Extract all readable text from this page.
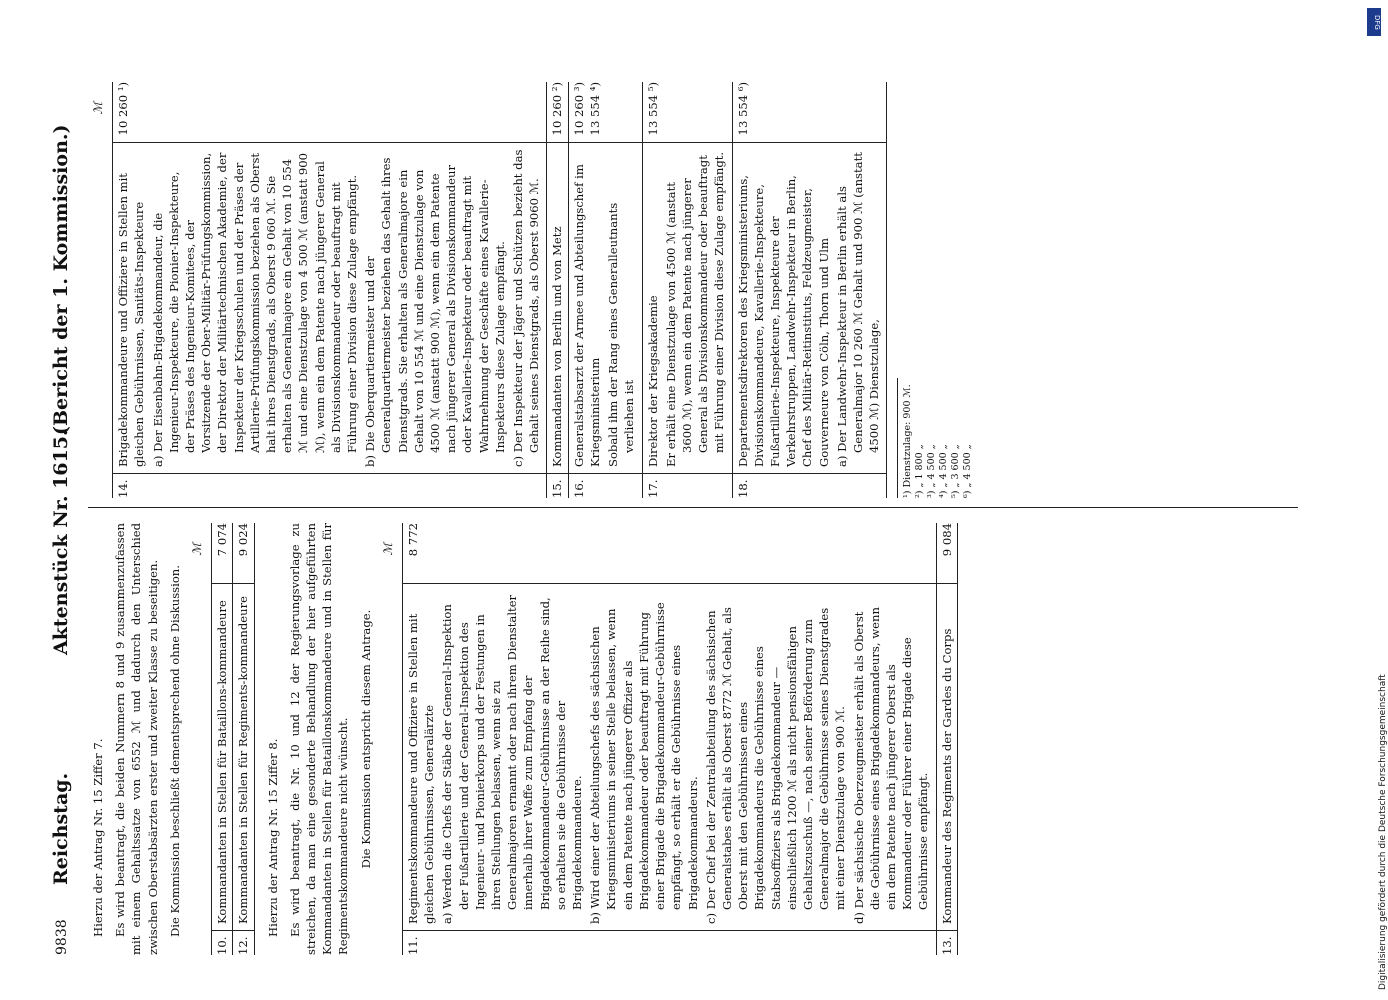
9838
Reichstag.
Aktenstück Nr. 1615.
(Bericht der 1. Kommission.)

Hierzu der Antrag Nr. 15 Ziffer 7. Es wird beantragt, die beiden Nummern 8 und 9 zusammenzufassen mit einem Gehaltssatze von 6552 ℳ und dadurch den Unterschied zwischen Oberstabsärzten erster und zweiter Klasse zu beseitigen. Die Kommission beschließt dementsprechend ohne Diskussion.

ℳ
10.
Kommandanten in Stellen für Bataillons-kommandeure
7 074
12.
Kommandanten in Stellen für Regiments-kommandeure
9 024

Hierzu der Antrag Nr. 15 Ziffer 8. Es wird beantragt, die Nr. 10 und 12 der Regierungsvorlage zu streichen, da man eine gesonderte Behandlung der hier aufgeführten Kommandanten in Stellen für Bataillonskommandeure und in Stellen für Regimentskommandeure nicht wünscht. Die Kommission entspricht diesem Antrage.

ℳ
11.
Regimentskommandeure und Offiziere in Stellen mit gleichen Gebührnissen, Generalärzte a) Werden die Chefs der Stäbe der General-Inspektion der Fußartillerie und der General-Inspektion des Ingenieur- und Pionierkorps und der Festungen in ihren Stellungen belassen, wenn sie zu Generalmajoren ernannt oder nach ihrem Dienstalter innerhalb ihrer Waffe zum Empfang der Brigadekommandeur-Gebührnisse an der Reihe sind, so erhalten sie die Gebührnisse der Brigadekommandeure. b) Wird einer der Abteilungschefs des sächsischen Kriegsministeriums in seiner Stelle belassen, wenn ein dem Patente nach jüngerer Offizier als Brigadekommandeur oder beauftragt mit Führung einer Brigade die Brigadekommandeur-Gebührnisse empfängt, so erhält er die Gebührnisse eines Brigadekommandeurs. c) Der Chef bei der Zentralabteilung des sächsischen Generalstabes erhält als Oberst 8772 ℳ Gehalt, als Oberst mit den Gebührnissen eines Brigadekommandeurs die Gebührnisse eines Stabsoffiziers als Brigadekommandeur — einschließlich 1200 ℳ als nicht pensionsfähigen Gehaltszuschuß —, nach seiner Beförderung zum Generalmajor die Gebührnisse seines Dienstgrades mit einer Dienstzulage von 900 ℳ. d) Der sächsische Oberzeugmeister erhält als Oberst die Gebührnisse eines Brigadekommandeurs, wenn ein dem Patente nach jüngerer Oberst als Kommandeur oder Führer einer Brigade diese Gebührnisse empfängt.
8 772
13.
Kommandeur des Regiments der Gardes du Corps
9 084
ℳ
14.
Brigadekommandeure und Offiziere in Stellen mit gleichen Gebührnissen, Sanitäts-Inspekteure a) Der Eisenbahn-Brigadekommandeur, die Ingenieur-Inspekteure, die Pionier-Inspekteure, der Präses des Ingenieur-Komitees, der Vorsitzende der Ober-Militär-Prüfungskommission, der Direktor der Militärtechnischen Akademie, der Inspekteur der Kriegsschulen und der Präses der Artillerie-Prüfungskommission beziehen als Oberst halt ihres Dienstgrads, als Oberst 9 060 ℳ. Sie erhalten als Generalmajore ein Gehalt von 10 554 ℳ und eine Dienstzulage von 4 500 ℳ (anstatt 900 ℳ), wenn ein dem Patente nach jüngerer General als Divisionskommandeur oder beauftragt mit Führung einer Division diese Zulage empfängt. b) Die Oberquartiermeister und der Generalquartiermeister beziehen das Gehalt ihres Dienstgrads. Sie erhalten als Generalmajore ein Gehalt von 10 554 ℳ und eine Dienstzulage von 4500 ℳ (anstatt 900 ℳ), wenn ein dem Patente nach jüngerer General als Divisionskommandeur oder Kavallerie-Inspekteur oder beauftragt mit Wahrnehmung der Geschäfte eines Kavallerie-Inspekteurs diese Zulage empfängt. c) Der Inspekteur der Jäger und Schützen bezieht das Gehalt seines Dienstgrads, als Oberst 9060 ℳ.
10 260 ¹)
15.
Kommandanten von Berlin und von Metz
10 260 ²)
16.
Generalstabsarzt der Armee und Abteilungschef im Kriegsministerium Sobald ihm der Rang eines Generalleutnants verliehen ist
10 260 ³) 13 554 ⁴)
17.
Direktor der Kriegsakademie Er erhält eine Dienstzulage von 4500 ℳ (anstatt 3600 ℳ), wenn ein dem Patente nach jüngerer General als Divisionskommandeur oder beauftragt mit Führung einer Division diese Zulage empfängt.
13 554 ⁵)
18.
Departementsdirektoren des Kriegsministeriums, Divisionskommandeure, Kavallerie-Inspekteure, Fußartillerie-Inspekteure, Inspekteure der Verkehrstruppen, Landwehr-Inspekteur in Berlin, Chef des Militär-Reitinstituts, Feldzeugmeister, Gouverneure von Cöln, Thorn und Ulm a) Der Landwehr-Inspekteur in Berlin erhält als Generalmajor 10 260 ℳ Gehalt und 900 ℳ (anstatt 4500 ℳ) Dienstzulage,
13 554 ⁶)
¹) Dienstzulage: 900 ℳ. ²) „ 1 800 „ ³) „ 4 500 „ ⁴) „ 4 500 „ ⁵) „ 3 600 „ ⁶) „ 4 500 „
DFG
Digitalisierung gefördert durch die Deutsche Forschungsgemeinschaft
